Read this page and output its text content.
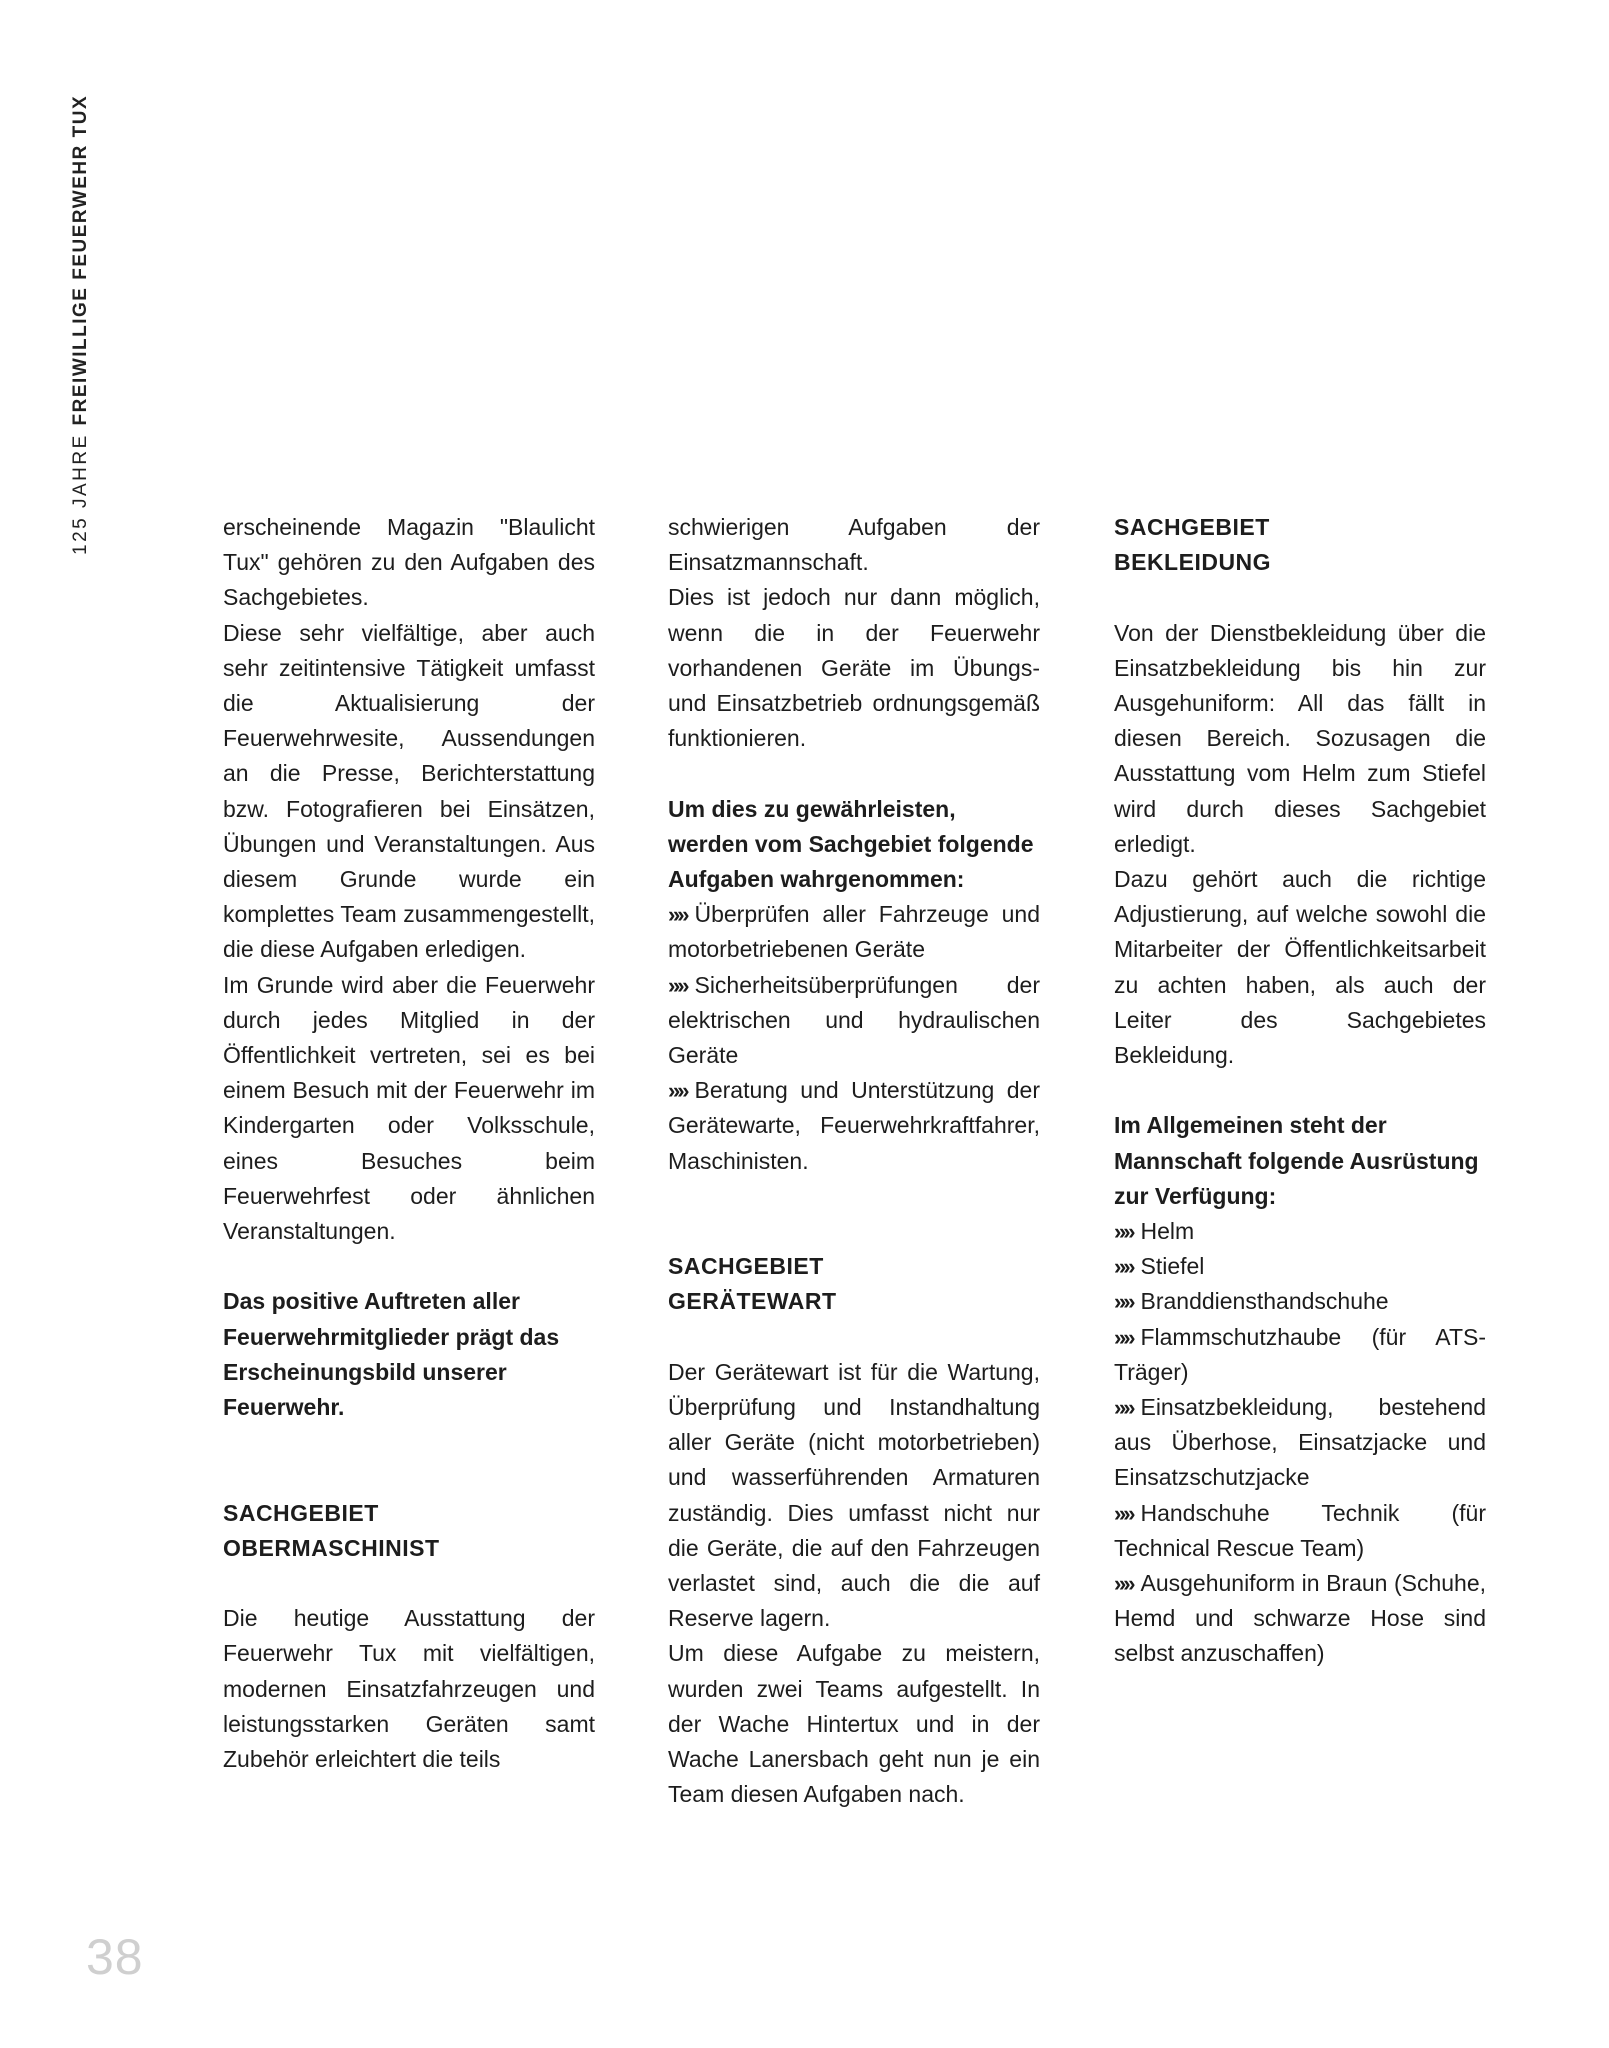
125 JAHRE FREIWILLIGE FEUERWEHR TUX

erscheinende Magazin "Blaulicht Tux" gehören zu den Aufgaben des Sachgebietes.

Diese sehr vielfältige, aber auch sehr zeitintensive Tätigkeit umfasst die Aktualisierung der Feuerwehrwesite, Aussendungen an die Presse, Berichterstattung bzw. Fotografieren bei Einsätzen, Übungen und Veranstaltungen. Aus diesem Grunde wurde ein komplettes Team zusammengestellt, die diese Aufgaben erledigen.

Im Grunde wird aber die Feuerwehr durch jedes Mitglied in der Öffentlichkeit vertreten, sei es bei einem Besuch mit der Feuerwehr im Kindergarten oder Volksschule, eines Besuches beim Feuerwehrfest oder ähnlichen Veranstaltungen.

Das positive Auftreten aller Feuerwehrmitglieder prägt das Erscheinungsbild unserer Feuerwehr.

SACHGEBIET

OBERMASCHINIST

Die heutige Ausstattung der Feuerwehr Tux mit vielfältigen, modernen Einsatzfahrzeugen und leistungsstarken Geräten samt Zubehör erleichtert die teils

schwierigen Aufgaben der Einsatzmannschaft.

Dies ist jedoch nur dann möglich, wenn die in der Feuerwehr vorhandenen Geräte im Übungs- und Einsatzbetrieb ordnungsgemäß funktionieren.

Um dies zu gewährleisten, werden vom Sachgebiet folgende Aufgaben wahrgenommen:

»» Überprüfen aller Fahrzeuge und motorbetriebenen Geräte

»» Sicherheitsüberprüfungen der elektrischen und hydraulischen Geräte

»» Beratung und Unterstützung der Gerätewarte, Feuerwehrkraftfahrer, Maschinisten.

SACHGEBIET

GERÄTEWART

Der Gerätewart ist für die Wartung, Überprüfung und Instandhaltung aller Geräte (nicht motorbetrieben) und wasserführenden Armaturen zuständig. Dies umfasst nicht nur die Geräte, die auf den Fahrzeugen verlastet sind, auch die die auf Reserve lagern.

Um diese Aufgabe zu meistern, wurden zwei Teams aufgestellt. In der Wache Hintertux und in der Wache Lanersbach geht nun je ein Team diesen Aufgaben nach.

SACHGEBIET

BEKLEIDUNG

Von der Dienstbekleidung über die Einsatzbekleidung bis hin zur Ausgehuniform: All das fällt in diesen Bereich. Sozusagen die Ausstattung vom Helm zum Stiefel wird durch dieses Sachgebiet erledigt.

Dazu gehört auch die richtige Adjustierung, auf welche sowohl die Mitarbeiter der Öffentlichkeitsarbeit zu achten haben, als auch der Leiter des Sachgebietes Bekleidung.

Im Allgemeinen steht der Mannschaft folgende Ausrüstung zur Verfügung:

»» Helm

»» Stiefel

»» Branddiensthandschuhe

»» Flammschutzhaube (für ATS-Träger)

»» Einsatzbekleidung, bestehend aus Überhose, Einsatzjacke und Einsatzschutzjacke

»» Handschuhe Technik (für Technical Rescue Team)

»» Ausgehuniform in Braun (Schuhe, Hemd und schwarze Hose sind selbst anzuschaffen)

38
